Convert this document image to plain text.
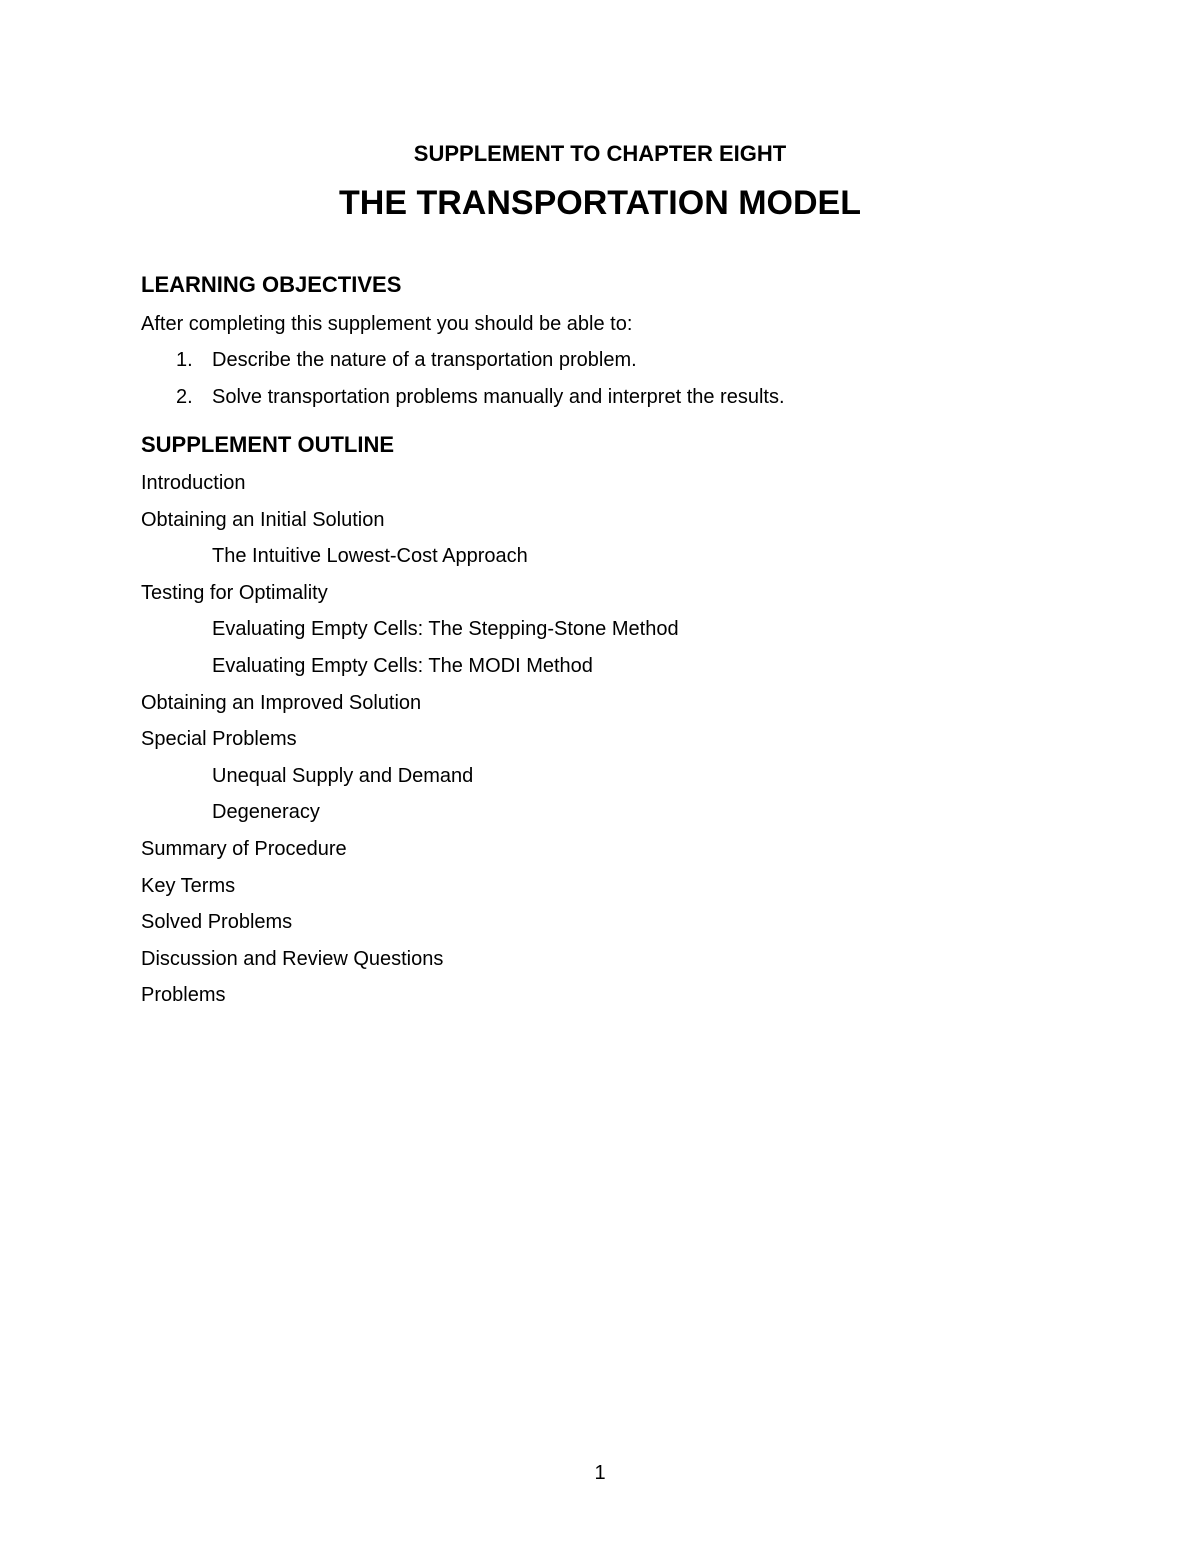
SUPPLEMENT TO CHAPTER EIGHT
THE TRANSPORTATION MODEL
LEARNING OBJECTIVES
After completing this supplement you should be able to:
1. Describe the nature of a transportation problem.
2. Solve transportation problems manually and interpret the results.
SUPPLEMENT OUTLINE
Introduction
Obtaining an Initial Solution
The Intuitive Lowest-Cost Approach
Testing for Optimality
Evaluating Empty Cells: The Stepping-Stone Method
Evaluating Empty Cells: The MODI Method
Obtaining an Improved Solution
Special Problems
Unequal Supply and Demand
Degeneracy
Summary of Procedure
Key Terms
Solved Problems
Discussion and Review Questions
Problems
1
